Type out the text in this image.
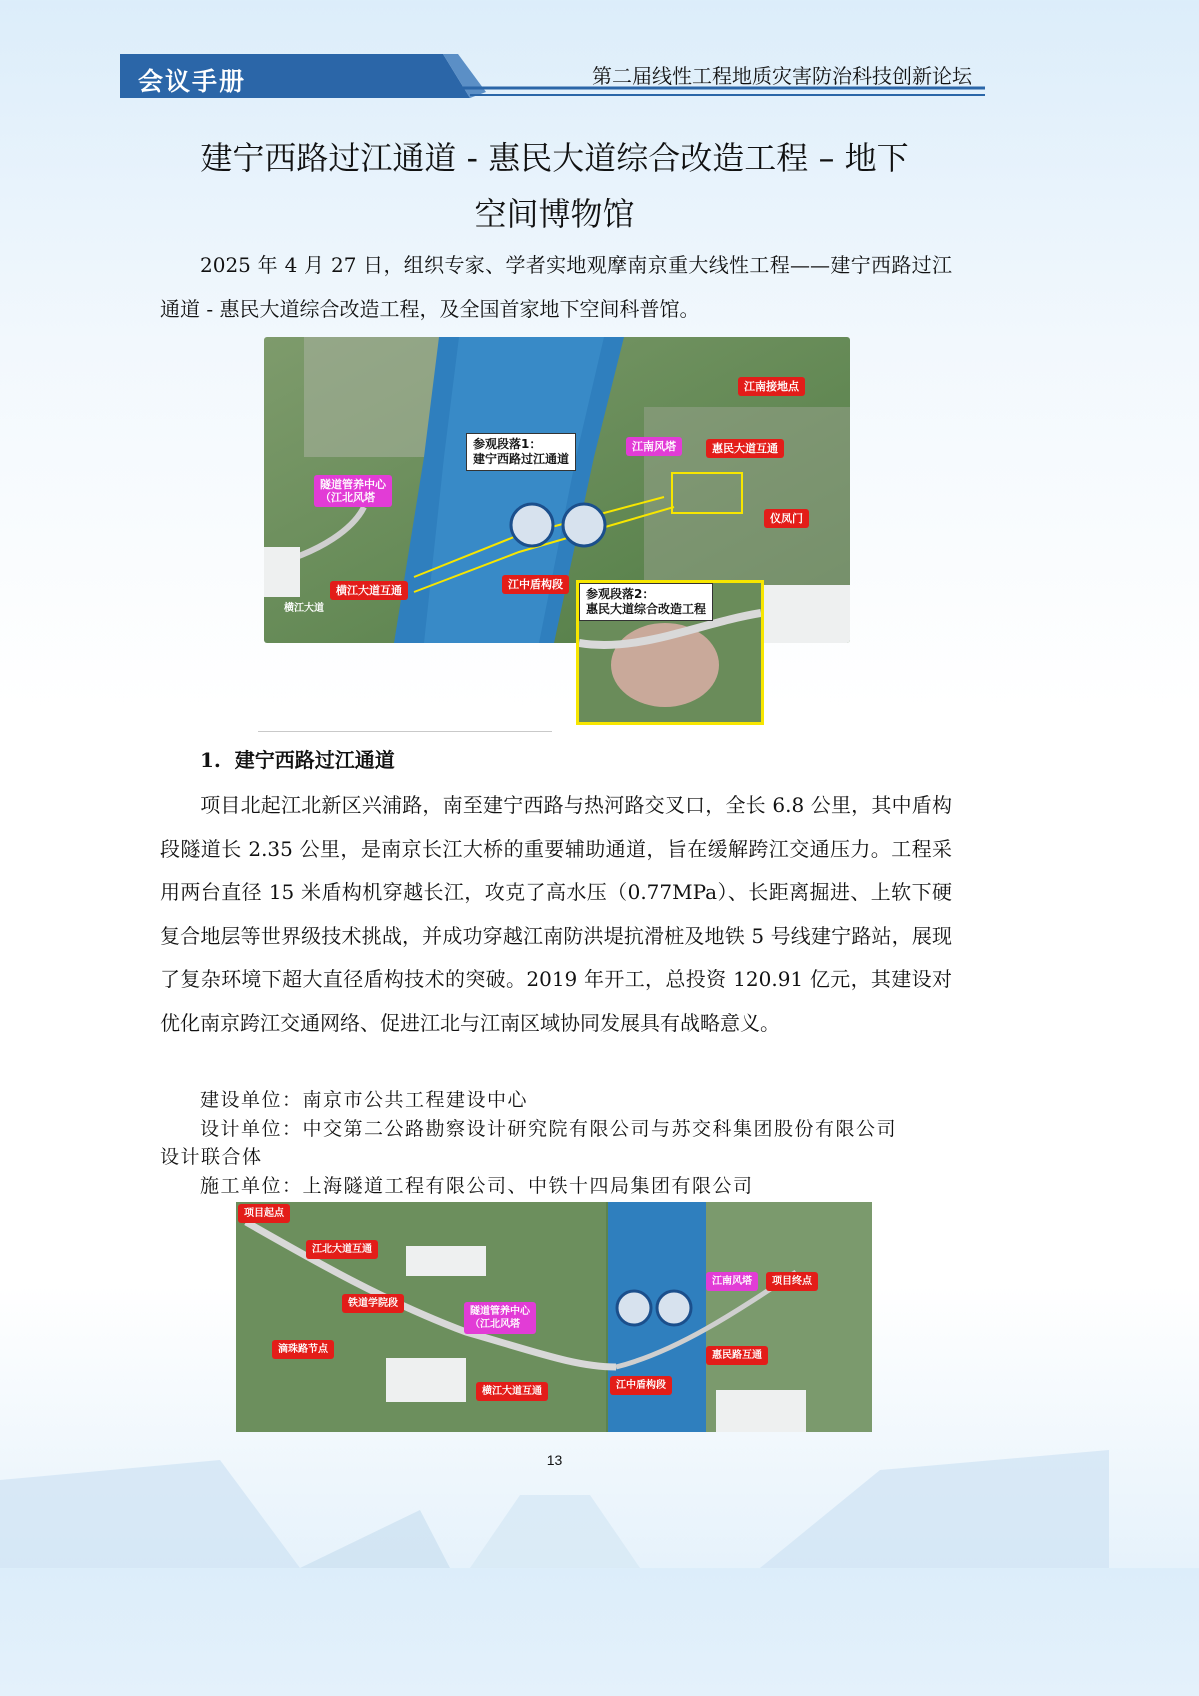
会议手册	第二届线性工程地质灾害防治科技创新论坛
建宁西路过江通道 - 惠民大道综合改造工程 – 地下
空间博物馆
2025 年 4 月 27 日，组织专家、学者实地观摩南京重大线性工程——建宁西路过江通道 - 惠民大道综合改造工程，及全国首家地下空间科普馆。
江南接地点
江南风塔	惠民大道互通
仪凤门
参观段落1：
建宁西路过江通道
隧道管养中心
（江北风塔
横江大道互通	江中盾构段
横江大道
参观段落2：
惠民大道综合改造工程
1.  建宁西路过江通道
项目北起江北新区兴浦路，南至建宁西路与热河路交叉口，全长 6.8 公里，其中盾构段隧道长 2.35 公里，是南京长江大桥的重要辅助通道，旨在缓解跨江交通压力。工程采用两台直径 15 米盾构机穿越长江，攻克了高水压（0.77MPa）、长距离掘进、上软下硬复合地层等世界级技术挑战，并成功穿越江南防洪堤抗滑桩及地铁 5 号线建宁路站，展现了复杂环境下超大直径盾构技术的突破。2019 年开工，总投资 120.91 亿元，其建设对优化南京跨江交通网络、促进江北与江南区域协同发展具有战略意义。
建设单位：南京市公共工程建设中心
设计单位：中交第二公路勘察设计研究院有限公司与苏交科集团股份有限公司
设计联合体
施工单位：上海隧道工程有限公司、中铁十四局集团有限公司
项目起点
江北大道互通
铁道学院段
滴珠路节点
隧道管养中心
（江北风塔
横江大道互通
江中盾构段
江南风塔	项目终点
惠民路互通
13
